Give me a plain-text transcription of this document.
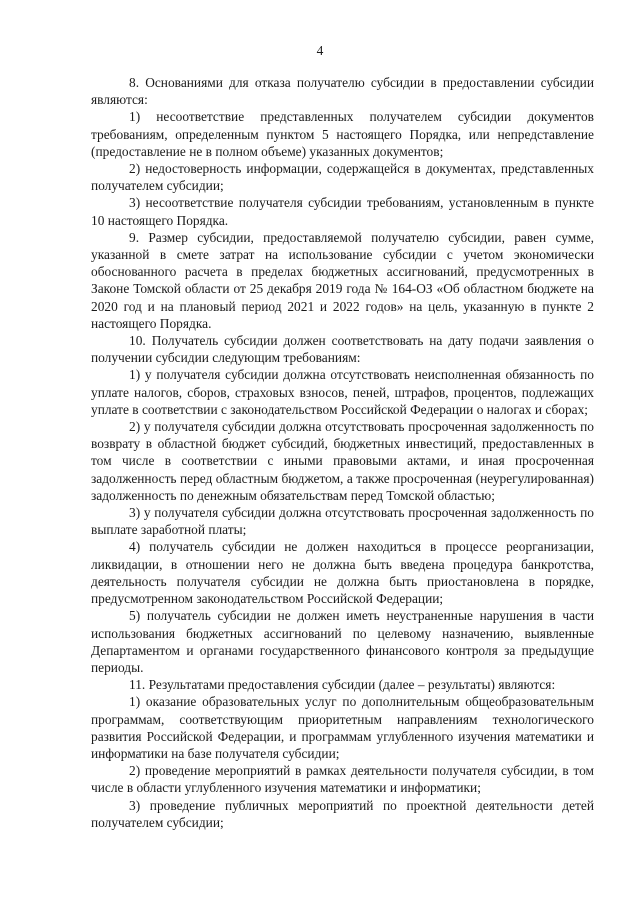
4

8. Основаниями для отказа получателю субсидии в предоставлении субсидии являются:

1) несоответствие представленных получателем субсидии документов требованиям, определенным пунктом 5 настоящего Порядка, или непредставление (предоставление не в полном объеме) указанных документов;

2) недостоверность информации, содержащейся в документах, представленных получателем субсидии;

3) несоответствие получателя субсидии требованиям, установленным в пункте 10 настоящего Порядка.

9. Размер субсидии, предоставляемой получателю субсидии, равен сумме, указанной в смете затрат на использование субсидии с учетом экономически обоснованного расчета в пределах бюджетных ассигнований, предусмотренных в Законе Томской области от 25 декабря 2019 года № 164-ОЗ «Об областном бюджете на 2020 год и на плановый период 2021 и 2022 годов» на цель, указанную в пункте 2 настоящего Порядка.

10. Получатель субсидии должен соответствовать на дату подачи заявления о получении субсидии следующим требованиям:

1) у получателя субсидии должна отсутствовать неисполненная обязанность по уплате налогов, сборов, страховых взносов, пеней, штрафов, процентов, подлежащих уплате в соответствии с законодательством Российской Федерации о налогах и сборах;

2) у получателя субсидии должна отсутствовать просроченная задолженность по возврату в областной бюджет субсидий, бюджетных инвестиций, предоставленных в том числе в соответствии с иными правовыми актами, и иная просроченная задолженность перед областным бюджетом, а также просроченная (неурегулированная) задолженность по денежным обязательствам перед Томской областью;

3) у получателя субсидии должна отсутствовать просроченная задолженность по выплате заработной платы;

4) получатель субсидии не должен находиться в процессе реорганизации, ликвидации, в отношении него не должна быть введена процедура банкротства, деятельность получателя субсидии не должна быть приостановлена в порядке, предусмотренном законодательством Российской Федерации;

5) получатель субсидии не должен иметь неустраненные нарушения в части использования бюджетных ассигнований по целевому назначению, выявленные Департаментом и органами государственного финансового контроля за предыдущие периоды.

11. Результатами предоставления субсидии (далее – результаты) являются:

1) оказание образовательных услуг по дополнительным общеобразовательным программам, соответствующим приоритетным направлениям технологического развития Российской Федерации, и программам углубленного изучения математики и информатики на базе получателя субсидии;

2) проведение мероприятий в рамках деятельности получателя субсидии, в том числе в области углубленного изучения математики и информатики;

3) проведение публичных мероприятий по проектной деятельности детей получателем субсидии;
